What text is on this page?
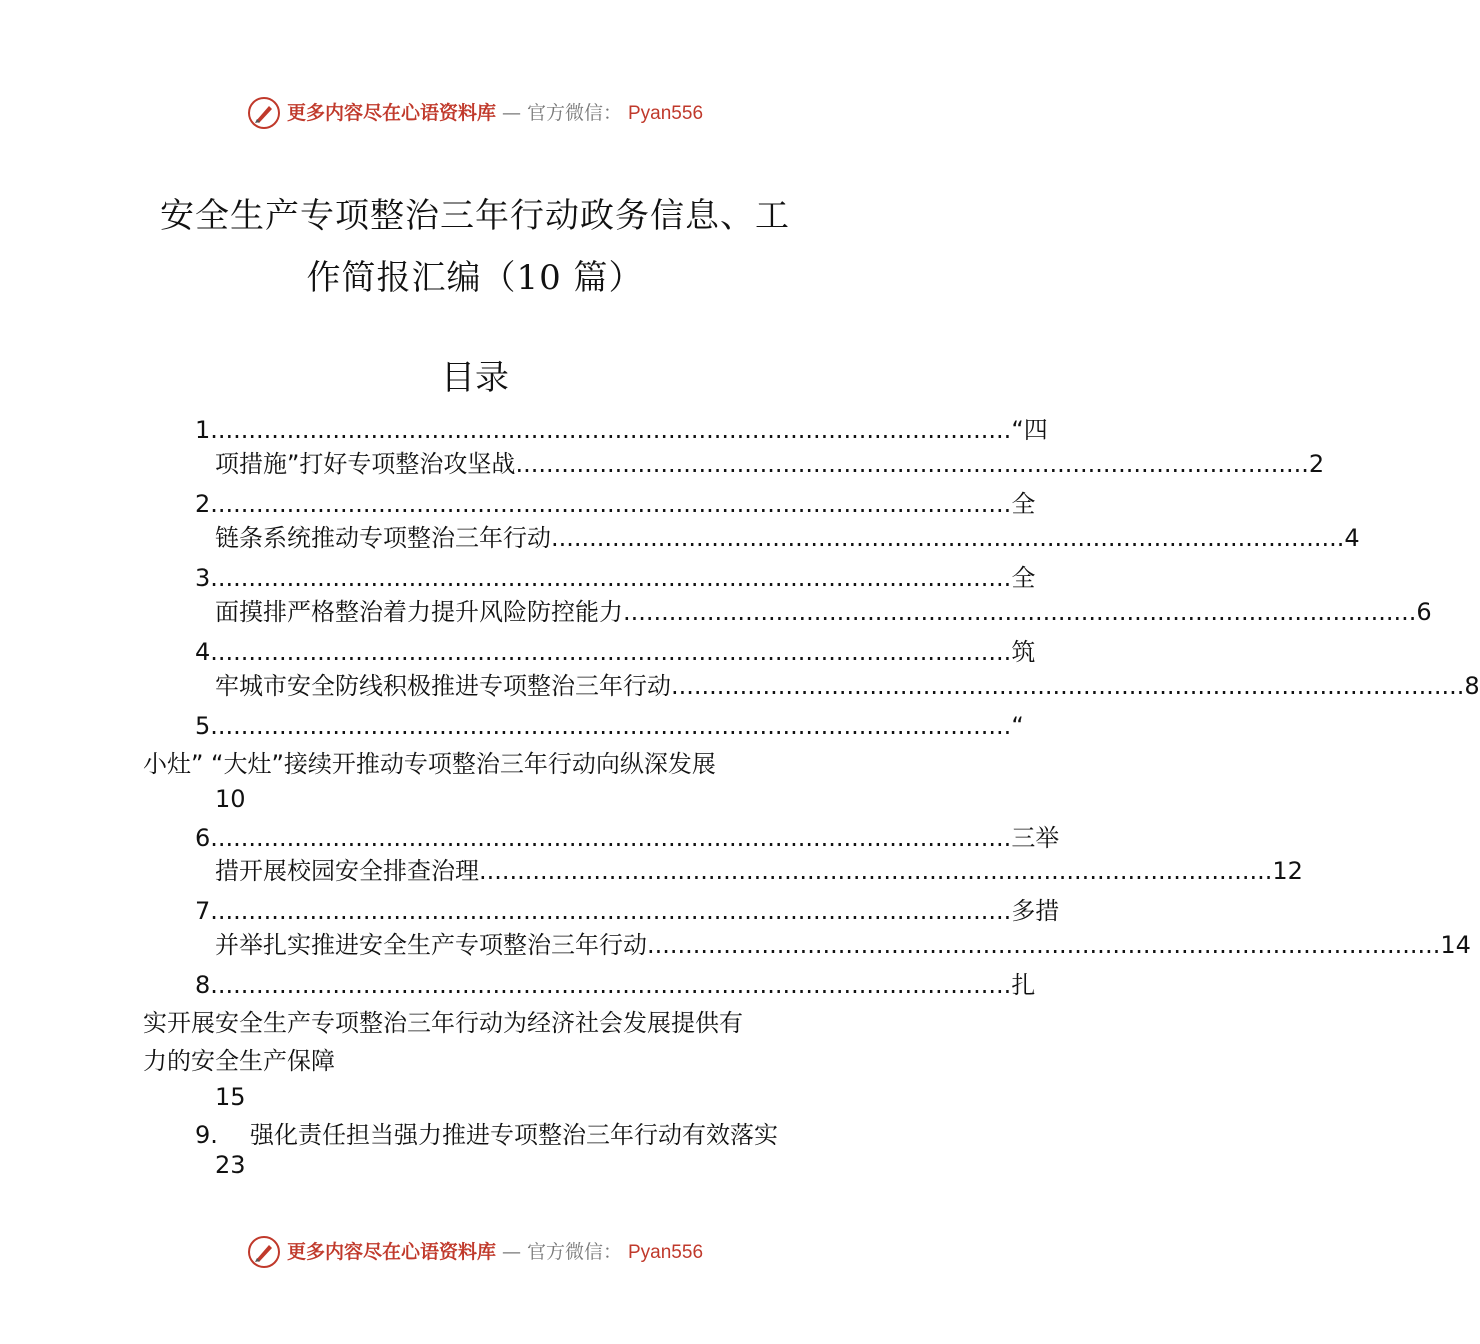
更多内容尽在心语资料库 — 官方微信： Pyan556
安全生产专项整治三年行动政务信息、工
作简报汇编（10 篇）
目录
1. ........................................................................................................ “四
项措施”打好专项整治攻坚战 ........................................................................................................ 2
2. ........................................................................................................ 全
链条系统推动专项整治三年行动 ........................................................................................................ 4
3. ........................................................................................................ 全
面摸排严格整治着力提升风险防控能力 ........................................................................................................ 6
4. ........................................................................................................ 筑
牢城市安全防线积极推进专项整治三年行动 ........................................................................................................ 8
5. ........................................................................................................ “
小灶” “大灶”接续开推动专项整治三年行动向纵深发展
10
6. ........................................................................................................ 三举
措开展校园安全排查治理 ........................................................................................................ 12
7. ........................................................................................................ 多措
并举扎实推进安全生产专项整治三年行动 ........................................................................................................ 14
8. ........................................................................................................ 扎
实开展安全生产专项整治三年行动为经济社会发展提供有
力的安全生产保障
15
9. 强化责任担当强力推进专项整治三年行动有效落实
23
更多内容尽在心语资料库 — 官方微信： Pyan556
